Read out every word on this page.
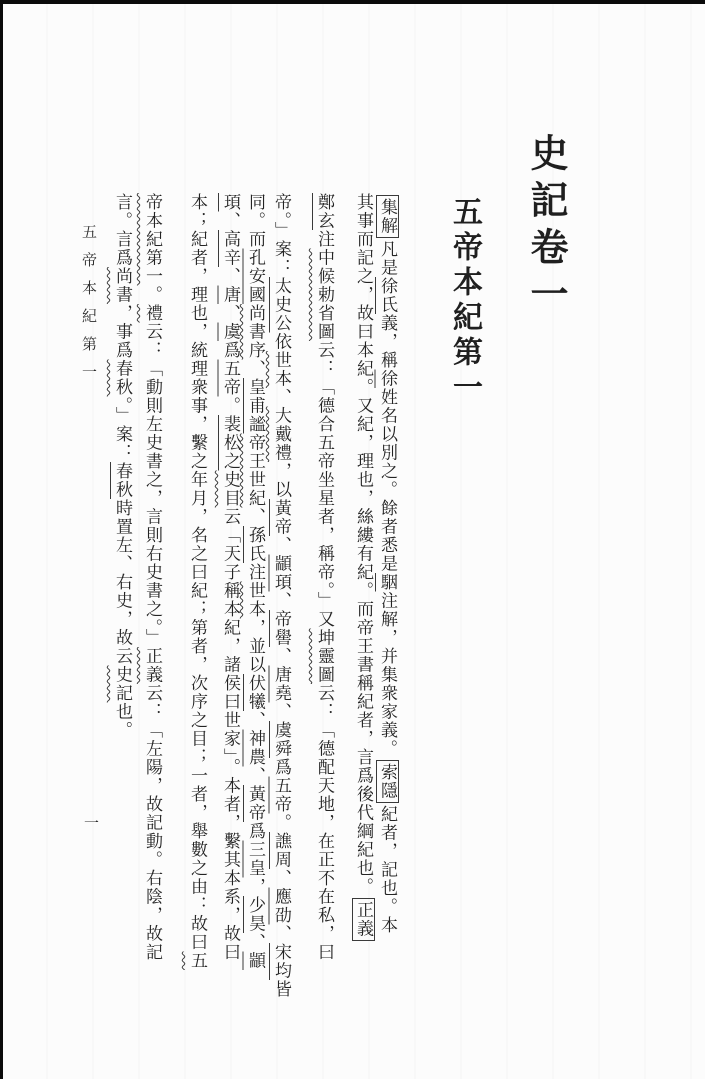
史記卷一
五帝本紀第一
集解凡是徐氏義，稱徐姓名以別之。餘者悉是駰注解，并集衆家義。索隱紀者，記也。本
其事而記之，故曰本紀。又紀，理也，絲縷有紀。而帝王書稱紀者，言爲後代綱紀也。正義
鄭玄注中候勅省圖云：「德合五帝坐星者，稱帝。」又坤靈圖云：「德配天地，在正不在私，曰
帝。」案：太史公依世本、大戴禮，以黃帝、顓頊、帝嚳、唐堯、虞舜爲五帝。譙周、應劭、宋均皆
同。而孔安國尚書序、皇甫謐帝王世紀、孫氏注世本，並以伏犧、神農、黃帝爲三皇，少昊、顓
頊、高辛、唐、虞爲五帝。裴松之史目云「天子稱本紀，諸侯曰世家」。本者，繫其本系，故曰
本；紀者，理也，統理衆事，繫之年月，名之曰紀；第者，次序之目；一者，舉數之由：故曰五
帝本紀第一。禮云：「動則左史書之，言則右史書之。」正義云：「左陽，故記動。右陰，故記
言。言爲尚書，事爲春秋。」案：春秋時置左、右史，故云史記也。
五帝本紀第一
一
